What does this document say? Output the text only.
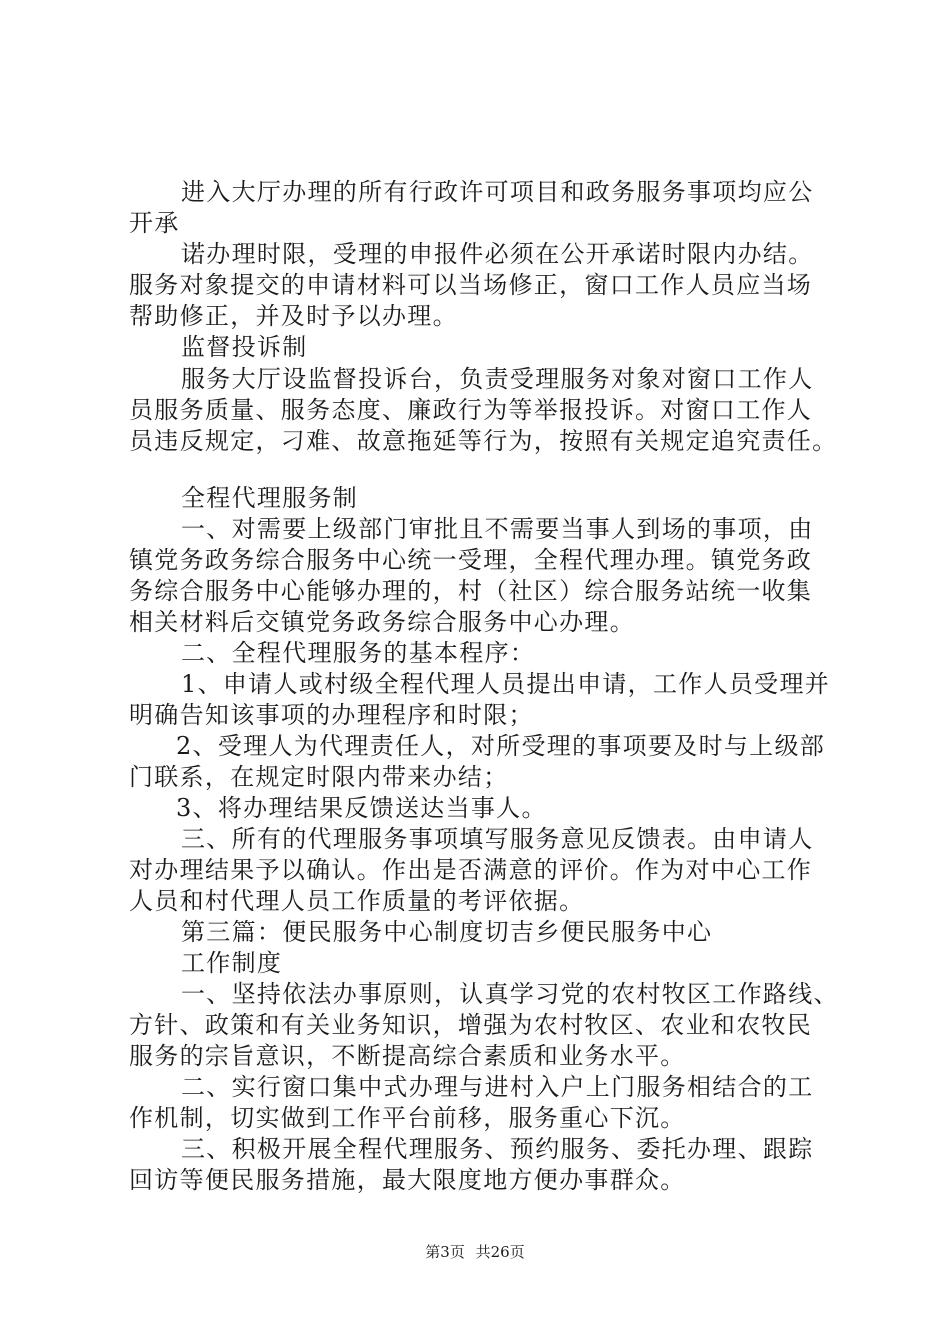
进入大厅办理的所有行政许可项目和政务服务事项均应公
开承
诺办理时限，受理的申报件必须在公开承诺时限内办结。
服务对象提交的申请材料可以当场修正，窗口工作人员应当场
帮助修正，并及时予以办理。
监督投诉制
服务大厅设监督投诉台，负责受理服务对象对窗口工作人
员服务质量、服务态度、廉政行为等举报投诉。对窗口工作人
员违反规定，刁难、故意拖延等行为，按照有关规定追究责任。
全程代理服务制
一、对需要上级部门审批且不需要当事人到场的事项，由
镇党务政务综合服务中心统一受理，全程代理办理。镇党务政
务综合服务中心能够办理的，村（社区）综合服务站统一收集
相关材料后交镇党务政务综合服务中心办理。
二、全程代理服务的基本程序：
1、申请人或村级全程代理人员提出申请，工作人员受理并
明确告知该事项的办理程序和时限；
2、受理人为代理责任人，对所受理的事项要及时与上级部
门联系，在规定时限内带来办结；
3、将办理结果反馈送达当事人。
三、所有的代理服务事项填写服务意见反馈表。由申请人
对办理结果予以确认。作出是否满意的评价。作为对中心工作
人员和村代理人员工作质量的考评依据。
第三篇：便民服务中心制度切吉乡便民服务中心
工作制度
一、坚持依法办事原则，认真学习党的农村牧区工作路线、
方针、政策和有关业务知识，增强为农村牧区、农业和农牧民
服务的宗旨意识，不断提高综合素质和业务水平。
二、实行窗口集中式办理与进村入户上门服务相结合的工
作机制，切实做到工作平台前移，服务重心下沉。
三、积极开展全程代理服务、预约服务、委托办理、跟踪
回访等便民服务措施，最大限度地方便办事群众。
第3页 共26页
